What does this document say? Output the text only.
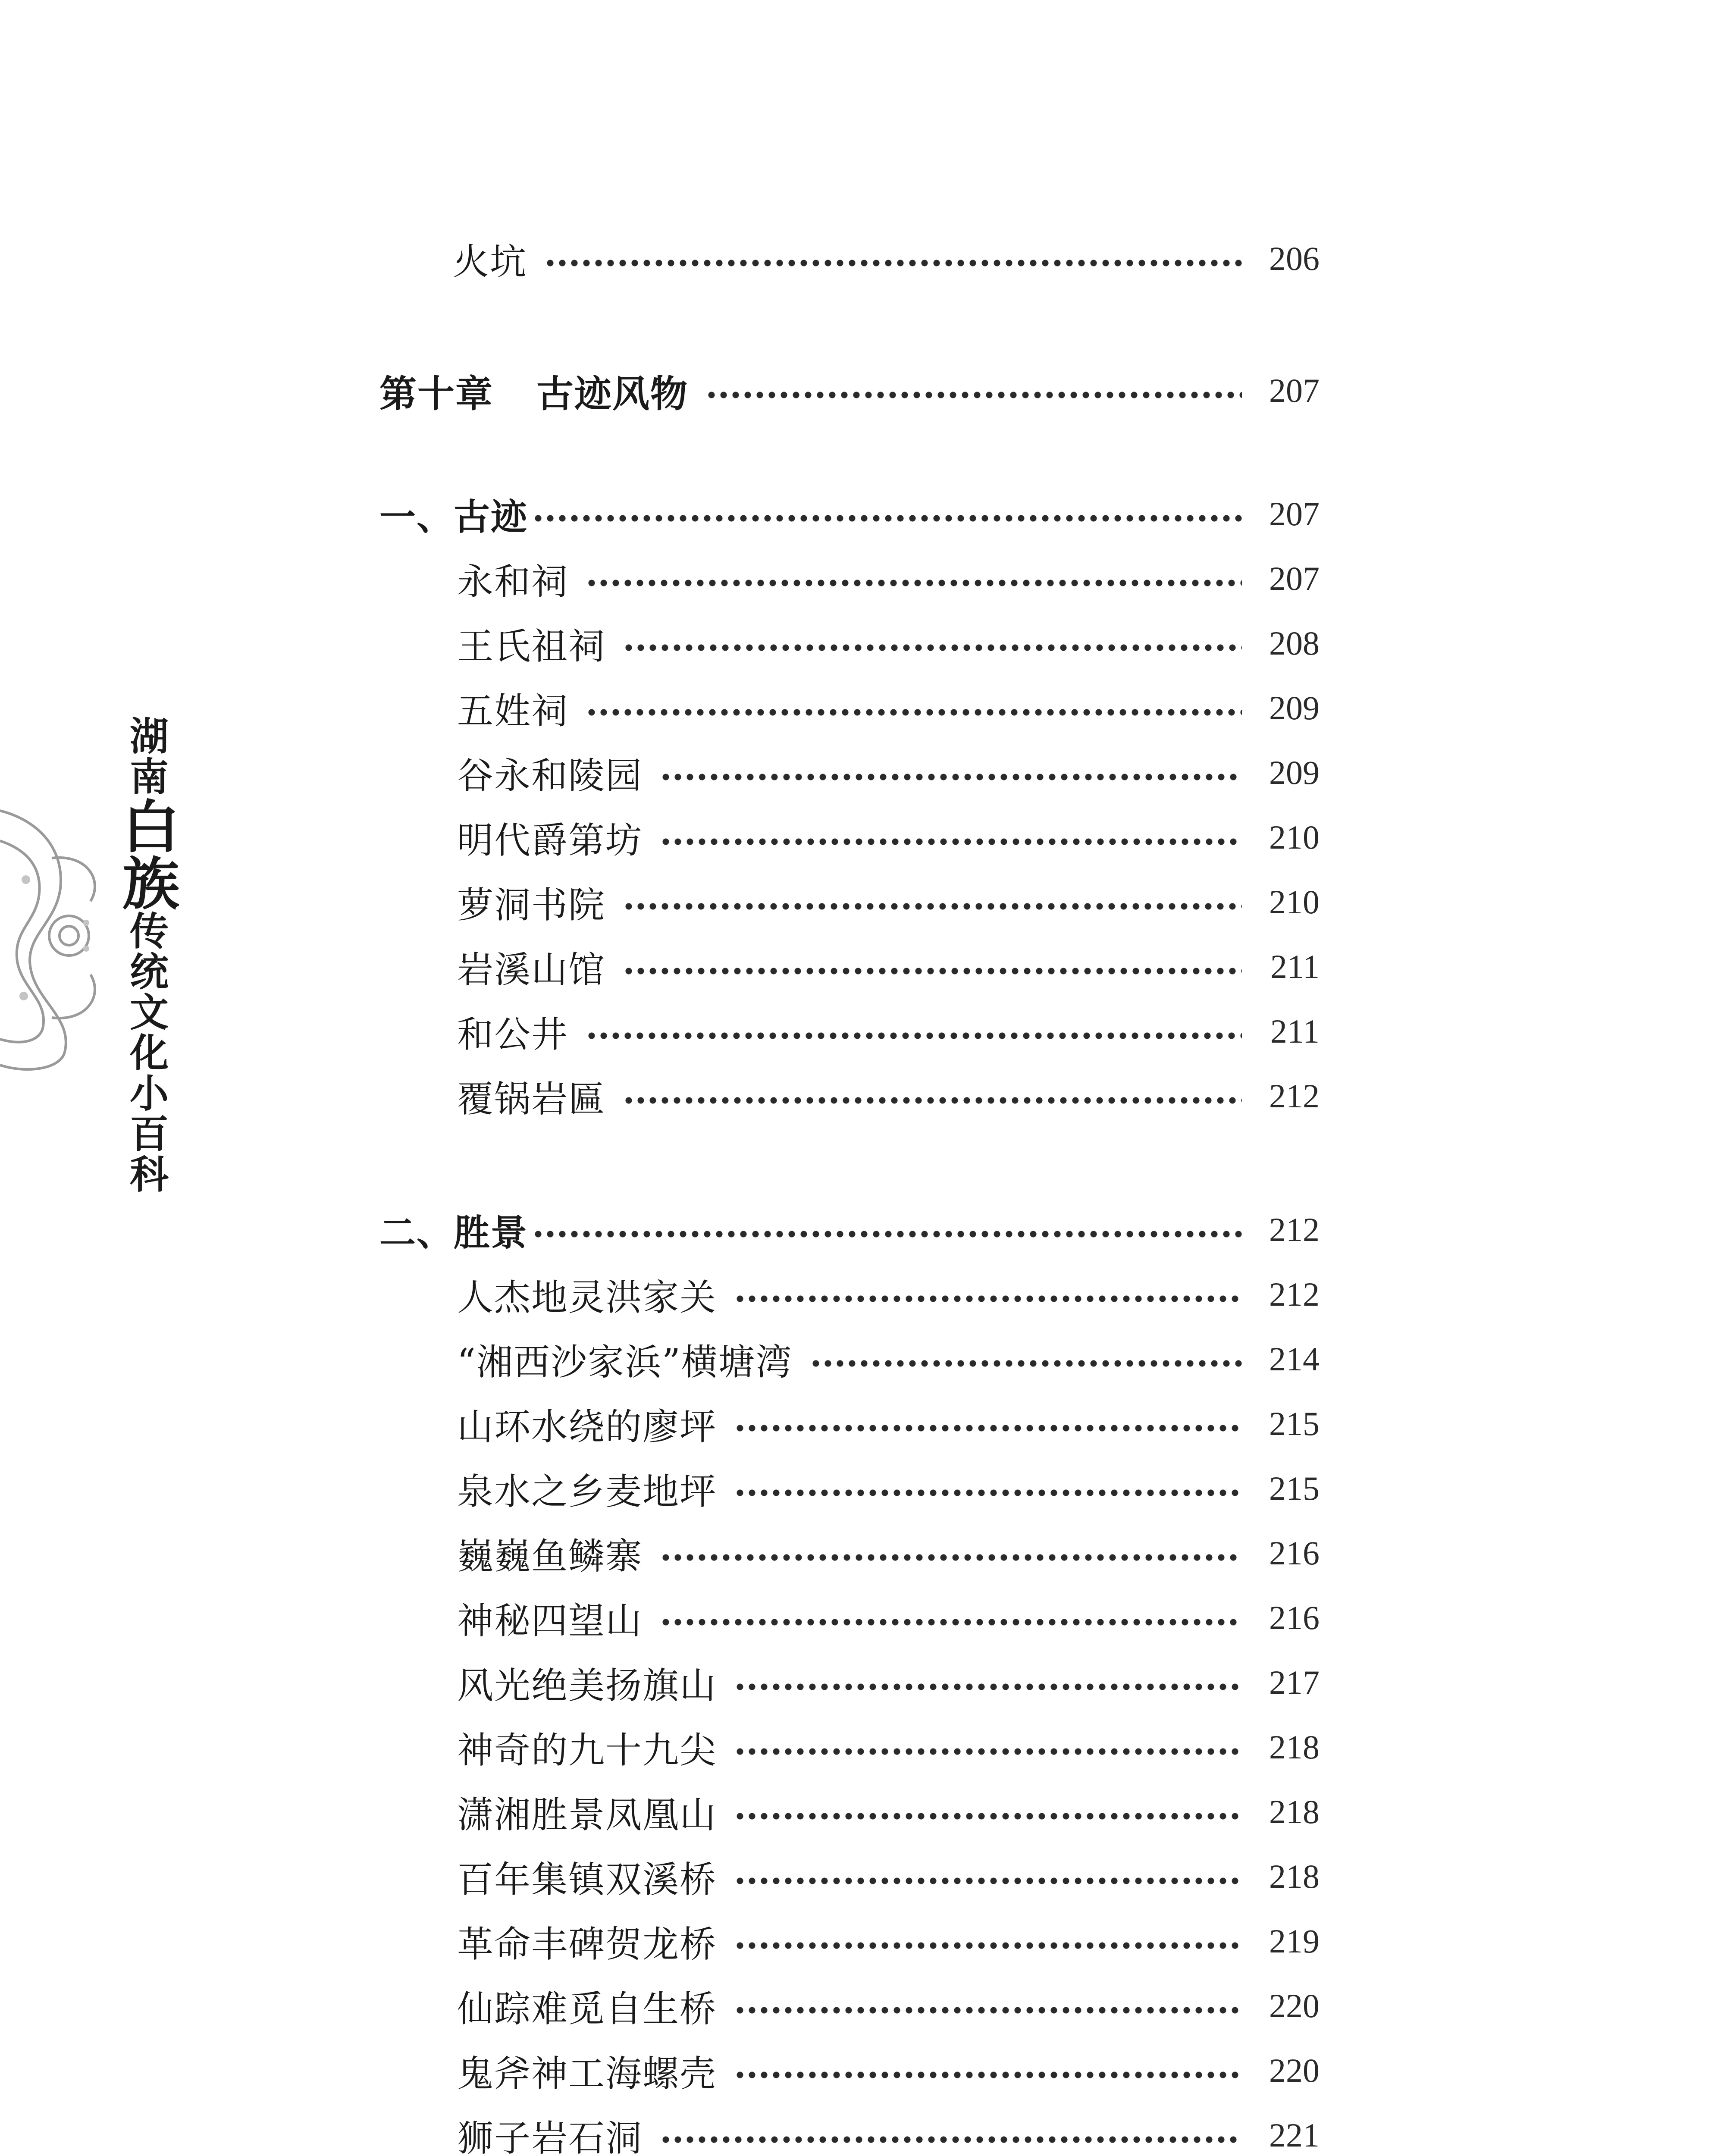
湖南白族传统文化小百科
火坑	206
第十章 古迹风物	207
一、古迹	207
永和祠	207
王氏祖祠	208
五姓祠	209
谷永和陵园	209
明代爵第坊	210
萝洞书院	210
岩溪山馆	211
和公井	211
覆锅岩匾	212
二、胜景	212
人杰地灵洪家关	212
“湘西沙家浜”横塘湾	214
山环水绕的廖坪	215
泉水之乡麦地坪	215
巍巍鱼鳞寨	216
神秘四望山	216
风光绝美扬旗山	217
神奇的九十九尖	218
潇湘胜景凤凰山	218
百年集镇双溪桥	218
革命丰碑贺龙桥	219
仙踪难觅自生桥	220
鬼斧神工海螺壳	220
狮子岩石洞	221
